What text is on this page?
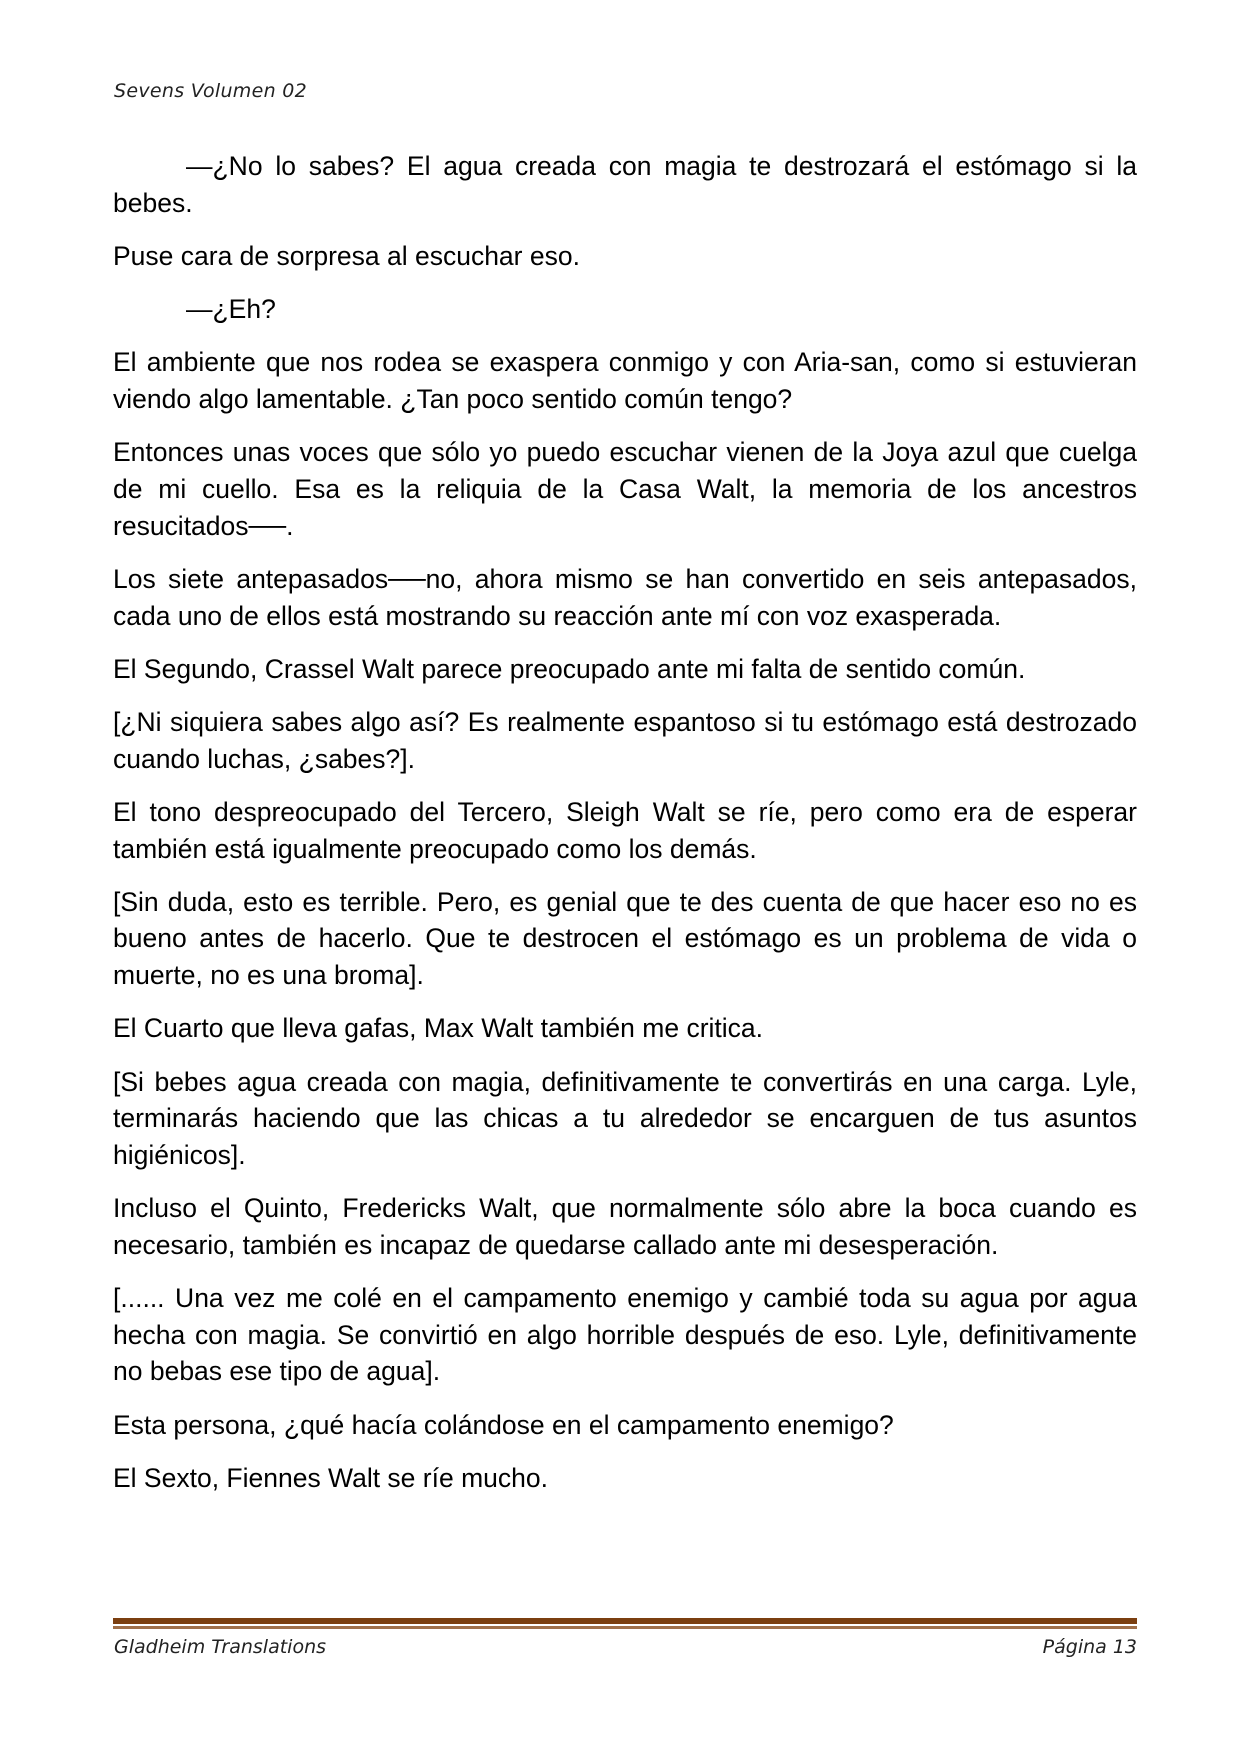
Sevens Volumen 02

—¿No lo sabes? El agua creada con magia te destrozará el estómago si la bebes.

Puse cara de sorpresa al escuchar eso.

—¿Eh?

El ambiente que nos rodea se exaspera conmigo y con Aria-san, como si estuvieran viendo algo lamentable. ¿Tan poco sentido común tengo?

Entonces unas voces que sólo yo puedo escuchar vienen de la Joya azul que cuelga de mi cuello. Esa es la reliquia de la Casa Walt, la memoria de los ancestros resucitados──.

Los siete antepasados──no, ahora mismo se han convertido en seis antepasados, cada uno de ellos está mostrando su reacción ante mí con voz exasperada.

El Segundo, Crassel Walt parece preocupado ante mi falta de sentido común.

[¿Ni siquiera sabes algo así? Es realmente espantoso si tu estómago está destrozado cuando luchas, ¿sabes?].

El tono despreocupado del Tercero, Sleigh Walt se ríe, pero como era de esperar también está igualmente preocupado como los demás.

[Sin duda, esto es terrible. Pero, es genial que te des cuenta de que hacer eso no es bueno antes de hacerlo. Que te destrocen el estómago es un problema de vida o muerte, no es una broma].

El Cuarto que lleva gafas, Max Walt también me critica.

[Si bebes agua creada con magia, definitivamente te convertirás en una carga. Lyle, terminarás haciendo que las chicas a tu alrededor se encarguen de tus asuntos higiénicos].

Incluso el Quinto, Fredericks Walt, que normalmente sólo abre la boca cuando es necesario, también es incapaz de quedarse callado ante mi desesperación.

[...... Una vez me colé en el campamento enemigo y cambié toda su agua por agua hecha con magia. Se convirtió en algo horrible después de eso. Lyle, definitivamente no bebas ese tipo de agua].

Esta persona, ¿qué hacía colándose en el campamento enemigo?

El Sexto, Fiennes Walt se ríe mucho.

Gladheim Translations	Página 13
